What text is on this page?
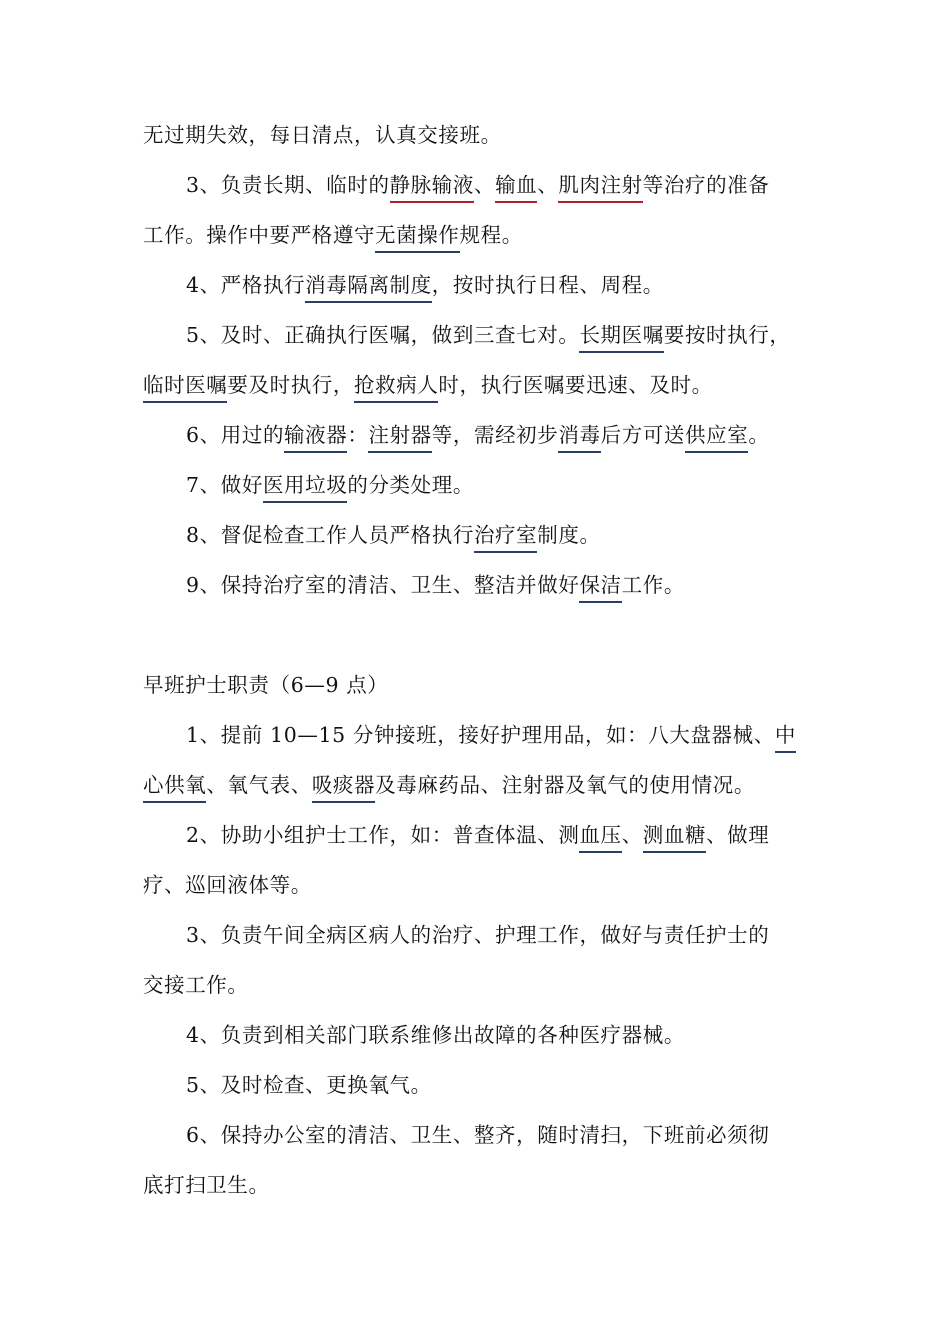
无过期失效，每日清点，认真交接班。
3、负责长期、临时的静脉输液、输血、肌肉注射等治疗的准备
工作。操作中要严格遵守无菌操作规程。
4、严格执行消毒隔离制度，按时执行日程、周程。
5、及时、正确执行医嘱，做到三查七对。长期医嘱要按时执行，
临时医嘱要及时执行，抢救病人时，执行医嘱要迅速、及时。
6、用过的输液器：注射器等，需经初步消毒后方可送供应室。
7、做好医用垃圾的分类处理。
8、督促检查工作人员严格执行治疗室制度。
9、保持治疗室的清洁、卫生、整洁并做好保洁工作。
早班护士职责（6—9 点）
1、提前 10—15 分钟接班，接好护理用品，如：八大盘器械、中
心供氧、氧气表、吸痰器及毒麻药品、注射器及氧气的使用情况。
2、协助小组护士工作，如：普查体温、测血压、测血糖、做理
疗、巡回液体等。
3、负责午间全病区病人的治疗、护理工作，做好与责任护士的
交接工作。
4、负责到相关部门联系维修出故障的各种医疗器械。
5、及时检查、更换氧气。
6、保持办公室的清洁、卫生、整齐，随时清扫，下班前必须彻
底打扫卫生。
